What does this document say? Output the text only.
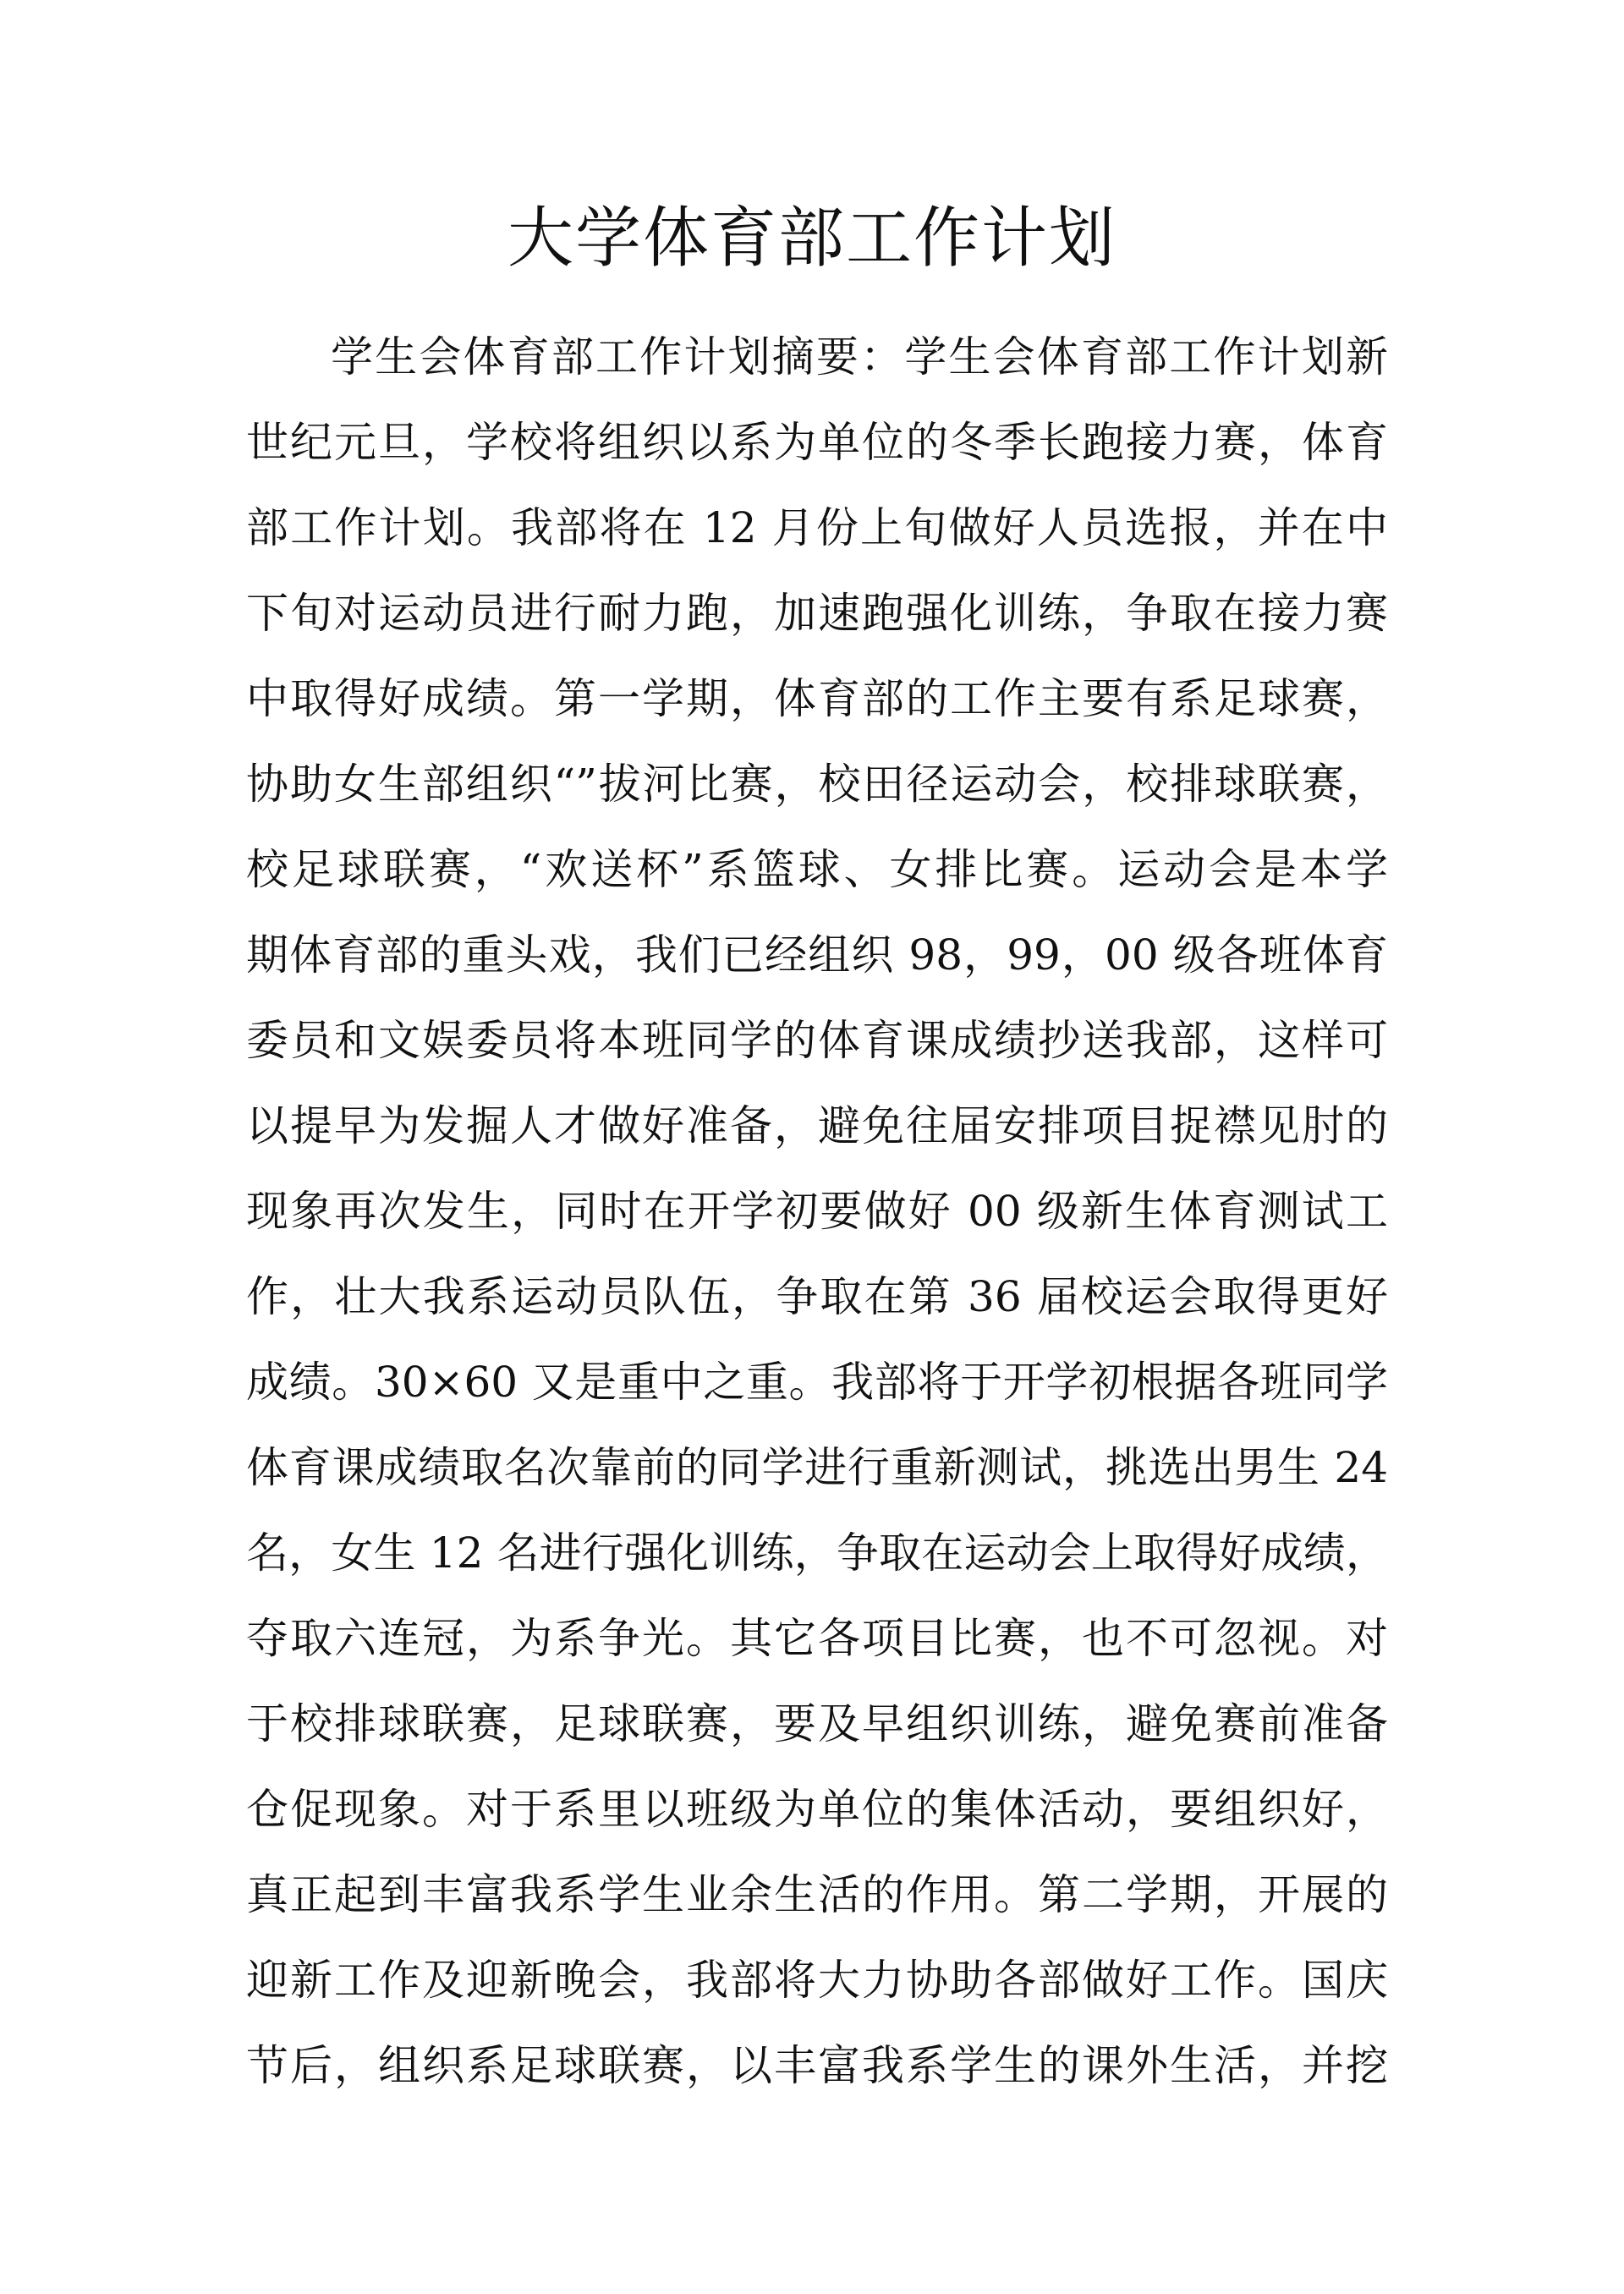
大学体育部工作计划
学生会体育部工作计划摘要：学生会体育部工作计划新
世纪元旦，学校将组织以系为单位的冬季长跑接力赛，体育
部工作计划。我部将在 12 月份上旬做好人员选报，并在中
下旬对运动员进行耐力跑，加速跑强化训练，争取在接力赛
中取得好成绩。第一学期，体育部的工作主要有系足球赛，
协助女生部组织“”拔河比赛，校田径运动会，校排球联赛，
校足球联赛，“欢送杯”系篮球、女排比赛。运动会是本学
期体育部的重头戏，我们已经组织 98，99，00 级各班体育
委员和文娱委员将本班同学的体育课成绩抄送我部，这样可
以提早为发掘人才做好准备，避免往届安排项目捉襟见肘的
现象再次发生，同时在开学初要做好 00 级新生体育测试工
作，壮大我系运动员队伍，争取在第 36 届校运会取得更好
成绩。30×60 又是重中之重。我部将于开学初根据各班同学
体育课成绩取名次靠前的同学进行重新测试，挑选出男生 24
名，女生 12 名进行强化训练，争取在运动会上取得好成绩，
夺取六连冠，为系争光。其它各项目比赛，也不可忽视。对
于校排球联赛，足球联赛，要及早组织训练，避免赛前准备
仓促现象。对于系里以班级为单位的集体活动，要组织好，
真正起到丰富我系学生业余生活的作用。第二学期，开展的
迎新工作及迎新晚会，我部将大力协助各部做好工作。国庆
节后，组织系足球联赛，以丰富我系学生的课外生活，并挖
